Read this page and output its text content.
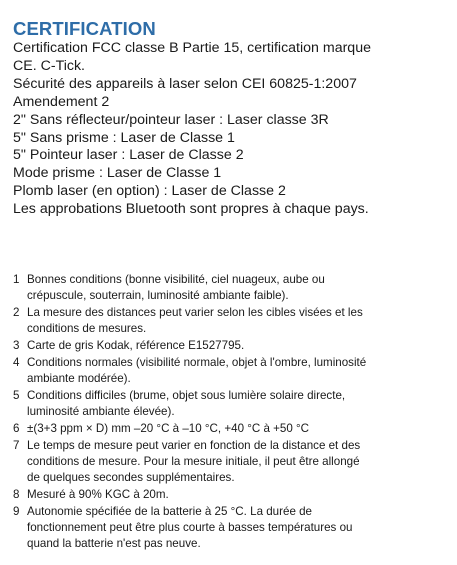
CERTIFICATION
Certification FCC classe B Partie 15, certification marque
CE. C-Tick.
Sécurité des appareils à laser selon CEI 60825-1:2007
Amendement 2
2" Sans réflecteur/pointeur laser : Laser classe 3R
5" Sans prisme : Laser de Classe 1
5" Pointeur laser : Laser de Classe 2
Mode prisme : Laser de Classe 1
Plomb laser (en option) : Laser de Classe 2
Les approbations Bluetooth sont propres à chaque pays.
1 Bonnes conditions (bonne visibilité, ciel nuageux, aube ou
crépuscule, souterrain, luminosité ambiante faible).
2 La mesure des distances peut varier selon les cibles visées et les
conditions de mesures.
3 Carte de gris Kodak, référence E1527795.
4 Conditions normales (visibilité normale, objet à l'ombre, luminosité
ambiante modérée).
5 Conditions difficiles (brume, objet sous lumière solaire directe,
luminosité ambiante élevée).
6 ±(3+3 ppm × D) mm –20 °C à –10 °C, +40 °C à +50 °C
7 Le temps de mesure peut varier en fonction de la distance et des
conditions de mesure. Pour la mesure initiale, il peut être allongé
de quelques secondes supplémentaires.
8 Mesuré à 90% KGC à 20m.
9 Autonomie spécifiée de la batterie à 25 °C. La durée de
fonctionnement peut être plus courte à basses températures ou
quand la batterie n'est pas neuve.
